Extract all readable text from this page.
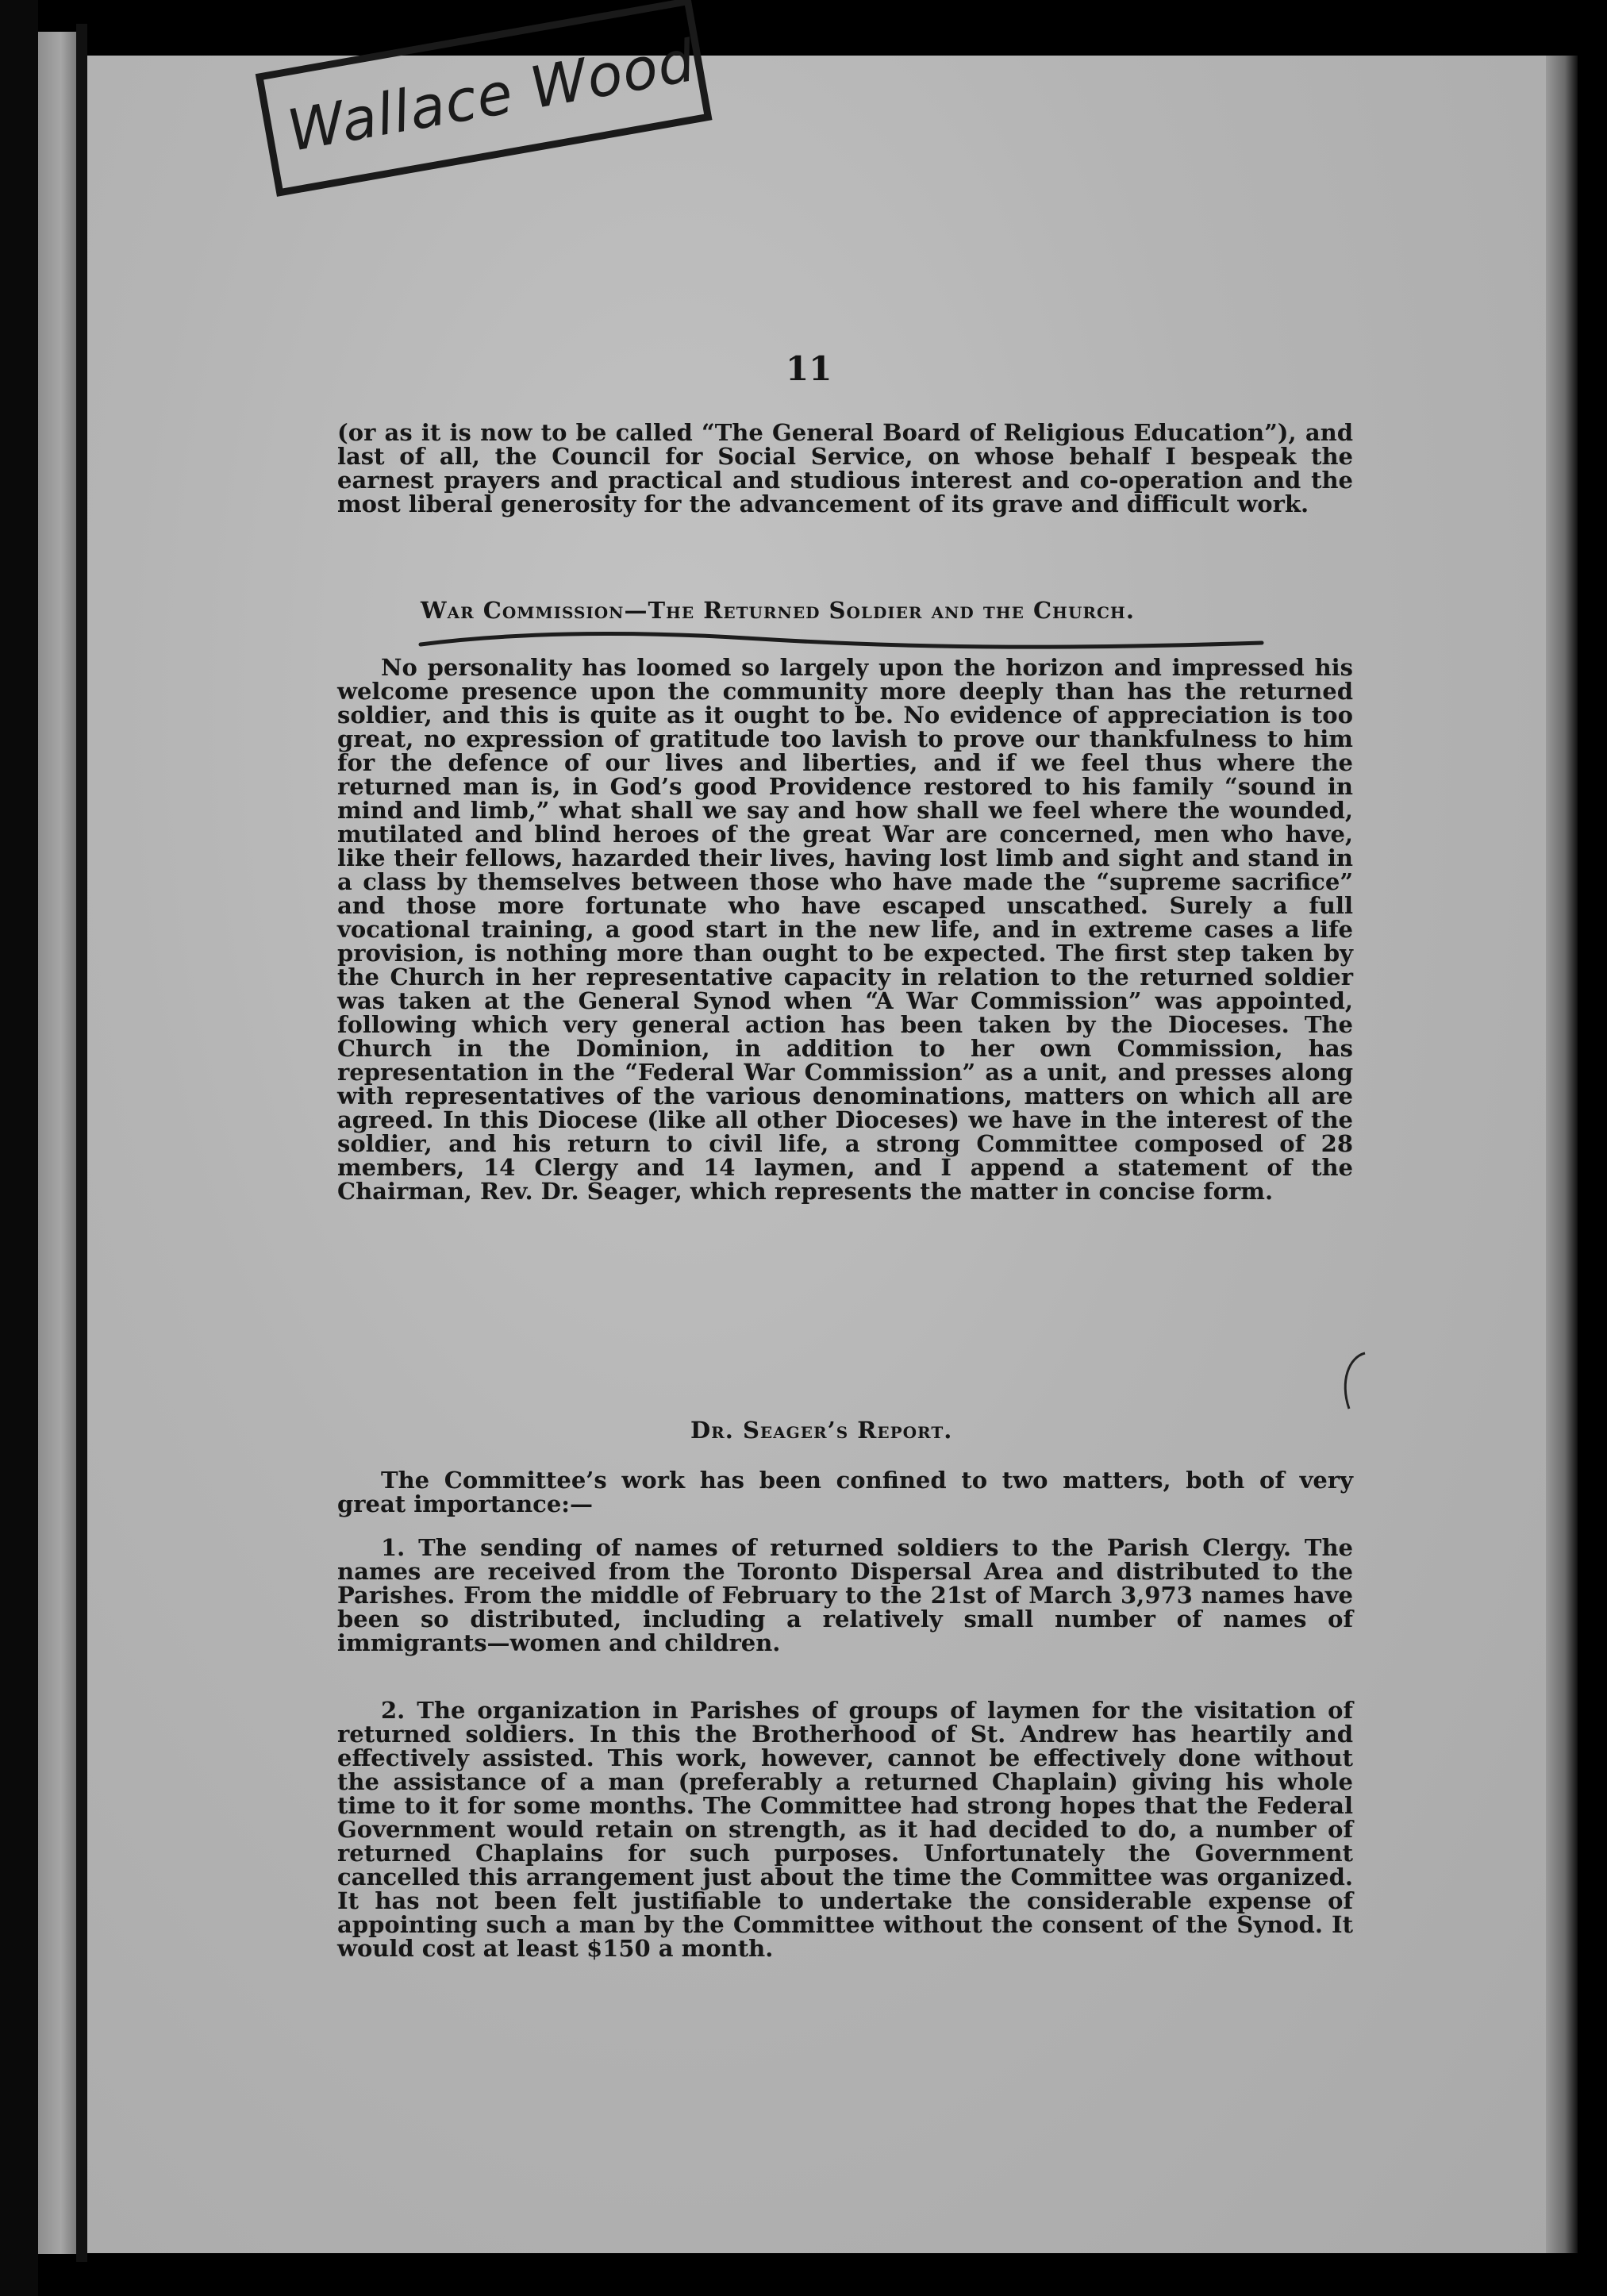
Wallace Wood
11
(or as it is now to be called “The General Board of Religious Education”), and last of all, the Council for Social Service, on whose behalf I bespeak the earnest prayers and practical and studious interest and co-operation and the most liberal generosity for the advancement of its grave and difficult work.
War Commission—The Returned Soldier and the Church.
No personality has loomed so largely upon the horizon and impressed his welcome presence upon the community more deeply than has the returned soldier, and this is quite as it ought to be. No evidence of appreciation is too great, no expression of gratitude too lavish to prove our thankfulness to him for the defence of our lives and liberties, and if we feel thus where the returned man is, in God’s good Providence restored to his family “sound in mind and limb,” what shall we say and how shall we feel where the wounded, mutilated and blind heroes of the great War are concerned, men who have, like their fellows, hazarded their lives, having lost limb and sight and stand in a class by themselves between those who have made the “supreme sacrifice” and those more fortunate who have escaped unscathed. Surely a full vocational training, a good start in the new life, and in extreme cases a life provision, is nothing more than ought to be expected. The first step taken by the Church in her representative capacity in relation to the returned soldier was taken at the General Synod when “A War Commission” was appointed, following which very general action has been taken by the Dioceses. The Church in the Dominion, in addition to her own Commission, has representation in the “Federal War Commission” as a unit, and presses along with representatives of the various denominations, matters on which all are agreed. In this Diocese (like all other Dioceses) we have in the interest of the soldier, and his return to civil life, a strong Committee composed of 28 members, 14 Clergy and 14 laymen, and I append a statement of the Chairman, Rev. Dr. Seager, which represents the matter in concise form.
Dr. Seager’s Report.
The Committee’s work has been confined to two matters, both of very great importance:—
1. The sending of names of returned soldiers to the Parish Clergy. The names are received from the Toronto Dispersal Area and distributed to the Parishes. From the middle of February to the 21st of March 3,973 names have been so distributed, including a relatively small number of names of immigrants—women and children.
2. The organization in Parishes of groups of laymen for the visitation of returned soldiers. In this the Brotherhood of St. Andrew has heartily and effectively assisted. This work, however, cannot be effectively done without the assistance of a man (preferably a returned Chaplain) giving his whole time to it for some months. The Committee had strong hopes that the Federal Government would retain on strength, as it had decided to do, a number of returned Chaplains for such purposes. Unfortunately the Government cancelled this arrangement just about the time the Committee was organized. It has not been felt justifiable to undertake the considerable expense of appointing such a man by the Committee without the consent of the Synod. It would cost at least $150 a month.
